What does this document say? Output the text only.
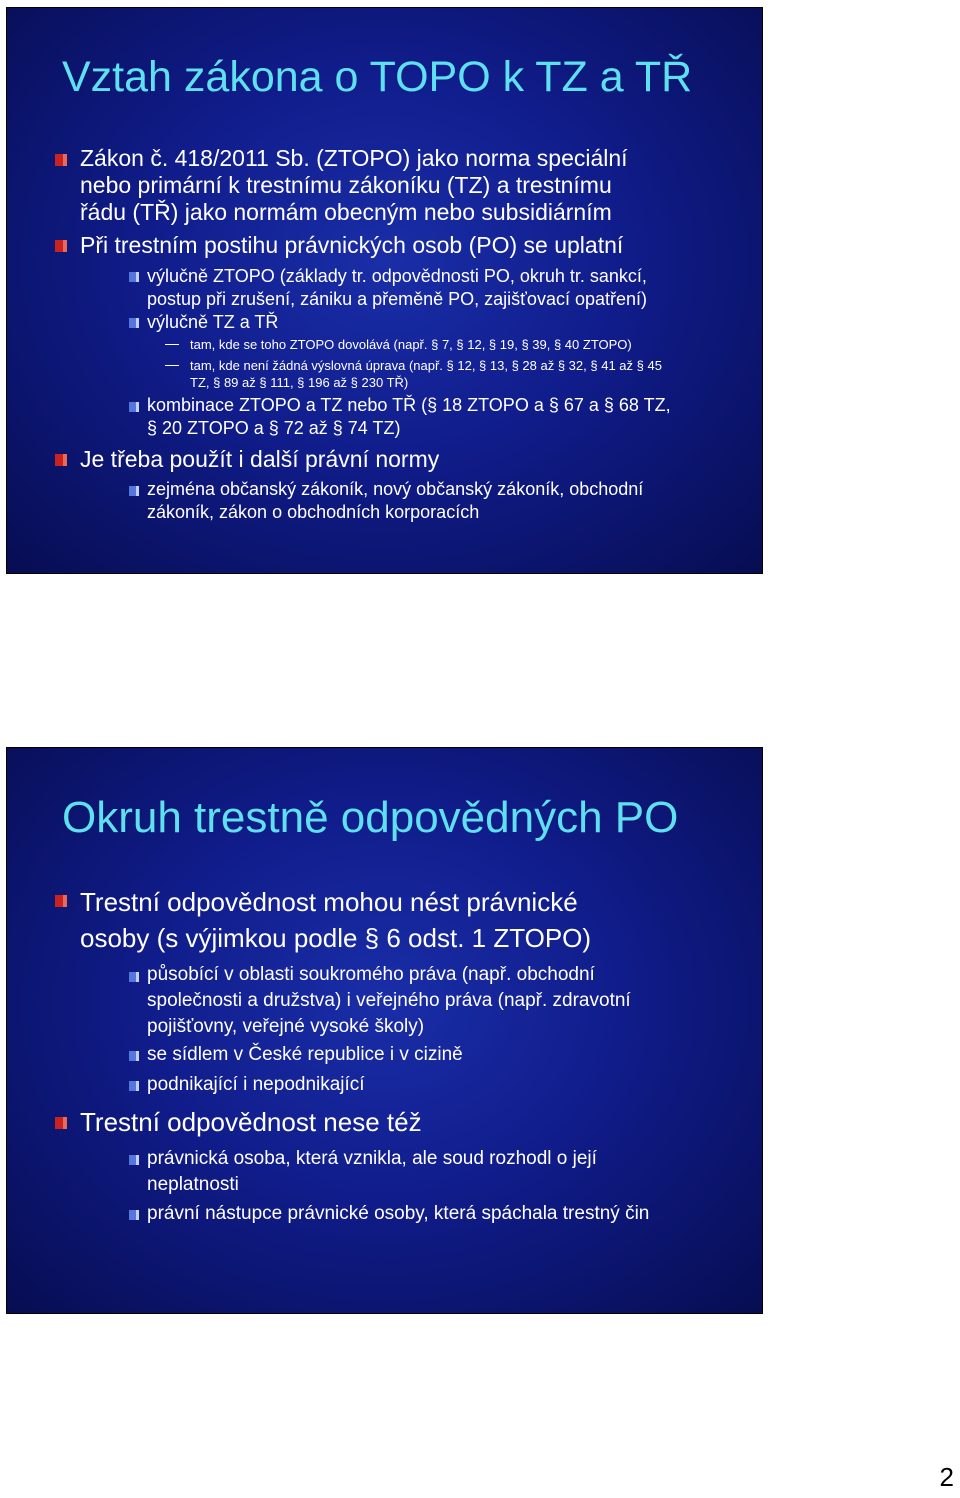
Vztah zákona o TOPO k TZ a TŘ
Zákon č. 418/2011 Sb. (ZTOPO) jako norma speciální
nebo primární k trestnímu zákoníku (TZ) a trestnímu
řádu (TŘ) jako normám obecným nebo subsidiárním
Při trestním postihu právnických osob (PO) se uplatní
výlučně ZTOPO (základy tr. odpovědnosti PO, okruh tr. sankcí,
postup při zrušení, zániku a přeměně PO, zajišťovací opatření)
výlučně TZ a TŘ
tam, kde se toho ZTOPO dovolává (např. § 7, § 12, § 19, § 39, § 40 ZTOPO)
tam, kde není žádná výslovná úprava (např. § 12, § 13, § 28 až § 32, § 41 až § 45
TZ, § 89 až § 111, § 196 až § 230 TŘ)
kombinace ZTOPO a TZ nebo TŘ (§ 18 ZTOPO a § 67 a § 68 TZ,
§ 20 ZTOPO a § 72 až § 74 TZ)
Je třeba použít i další právní normy
zejména občanský zákoník, nový občanský zákoník, obchodní
zákoník, zákon o obchodních korporacích
Okruh trestně odpovědných PO
Trestní odpovědnost mohou nést právnické
osoby (s výjimkou podle § 6 odst. 1 ZTOPO)
působící v oblasti soukromého práva (např. obchodní
společnosti a družstva) i veřejného práva (např. zdravotní
pojišťovny, veřejné vysoké školy)
se sídlem v České republice i v cizině
podnikající i nepodnikající
Trestní odpovědnost nese též
právnická osoba, která vznikla, ale soud rozhodl o její
neplatnosti
právní nástupce právnické osoby, která spáchala trestný čin
2
